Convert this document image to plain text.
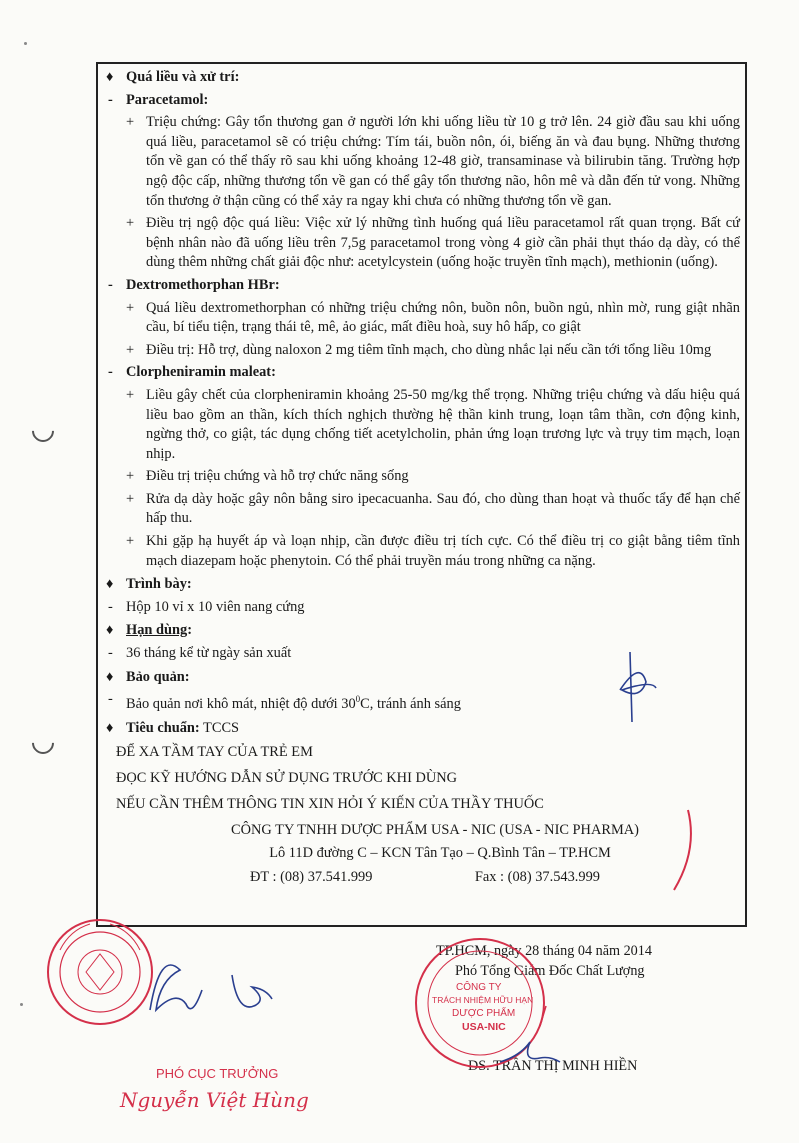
♦ Quá liều và xử trí:
- Paracetamol:
+ Triệu chứng: Gây tổn thương gan ở người lớn khi uống liều từ 10 g trở lên. 24 giờ đầu sau khi uống quá liều, paracetamol sẽ có triệu chứng: Tím tái, buồn nôn, ói, biếng ăn và đau bụng. Những thương tổn về gan có thể thấy rõ sau khi uống khoảng 12-48 giờ, transaminase và bilirubin tăng. Trường hợp ngộ độc cấp, những thương tổn về gan có thể gây tổn thương não, hôn mê và dẫn đến tử vong. Những tổn thương ở thận cũng có thể xảy ra ngay khi chưa có những thương tổn về gan.
+ Điều trị ngộ độc quá liều: Việc xử lý những tình huống quá liều paracetamol rất quan trọng. Bất cứ bệnh nhân nào đã uống liều trên 7,5g paracetamol trong vòng 4 giờ cần phải thụt tháo dạ dày, có thể dùng thêm những chất giải độc như: acetylcystein (uống hoặc truyền tĩnh mạch), methionin (uống).
- Dextromethorphan HBr:
+ Quá liều dextromethorphan có những triệu chứng nôn, buồn nôn, buồn ngủ, nhìn mờ, rung giật nhãn cầu, bí tiểu tiện, trạng thái tê, mê, ảo giác, mất điều hoà, suy hô hấp, co giật
+ Điều trị: Hỗ trợ, dùng naloxon 2 mg tiêm tĩnh mạch, cho dùng nhắc lại nếu cần tới tổng liều 10mg
- Clorpheniramin maleat:
+ Liều gây chết của clorpheniramin khoảng 25-50 mg/kg thể trọng. Những triệu chứng và dấu hiệu quá liều bao gồm an thần, kích thích nghịch thường hệ thần kinh trung, loạn tâm thần, cơn động kinh, ngừng thở, co giật, tác dụng chống tiết acetylcholin, phản ứng loạn trương lực và trụy tim mạch, loạn nhịp.
+ Điều trị triệu chứng và hỗ trợ chức năng sống
+ Rửa dạ dày hoặc gây nôn bằng siro ipecacuanha. Sau đó, cho dùng than hoạt và thuốc tẩy để hạn chế hấp thu.
+ Khi gặp hạ huyết áp và loạn nhịp, cần được điều trị tích cực. Có thể điều trị co giật bằng tiêm tĩnh mạch diazepam hoặc phenytoin. Có thể phải truyền máu trong những ca nặng.
♦ Trình bày:
- Hộp 10 vỉ x 10 viên nang cứng
♦ Hạn dùng:
- 36 tháng kể từ ngày sản xuất
♦ Bảo quản:
- Bảo quản nơi khô mát, nhiệt độ dưới $30^0C$, tránh ánh sáng
♦ Tiêu chuẩn: TCCS
ĐỂ XA TẦM TAY CỦA TRẺ EM
ĐỌC KỸ HƯỚNG DẪN SỬ DỤNG TRƯỚC KHI DÙNG
NẾU CẦN THÊM THÔNG TIN XIN HỎI Ý KIẾN CỦA THẦY THUỐC
CÔNG TY TNHH DƯỢC PHẨM USA - NIC (USA - NIC PHARMA)
Lô 11D đường C – KCN Tân Tạo – Q.Bình Tân – TP.HCM
ĐT : (08) 37.541.999	Fax : (08) 37.543.999
TP.HCM, ngày 28 tháng 04 năm 2014
Phó Tổng Giám Đốc Chất Lượng
DS. TRẦN THỊ MINH HIỀN
CÔNG TY
TRÁCH NHIỆM HỮU HẠN
DƯỢC PHẨM
USA-NIC
PHÓ CỤC TRƯỞNG
Nguyễn Việt Hùng
